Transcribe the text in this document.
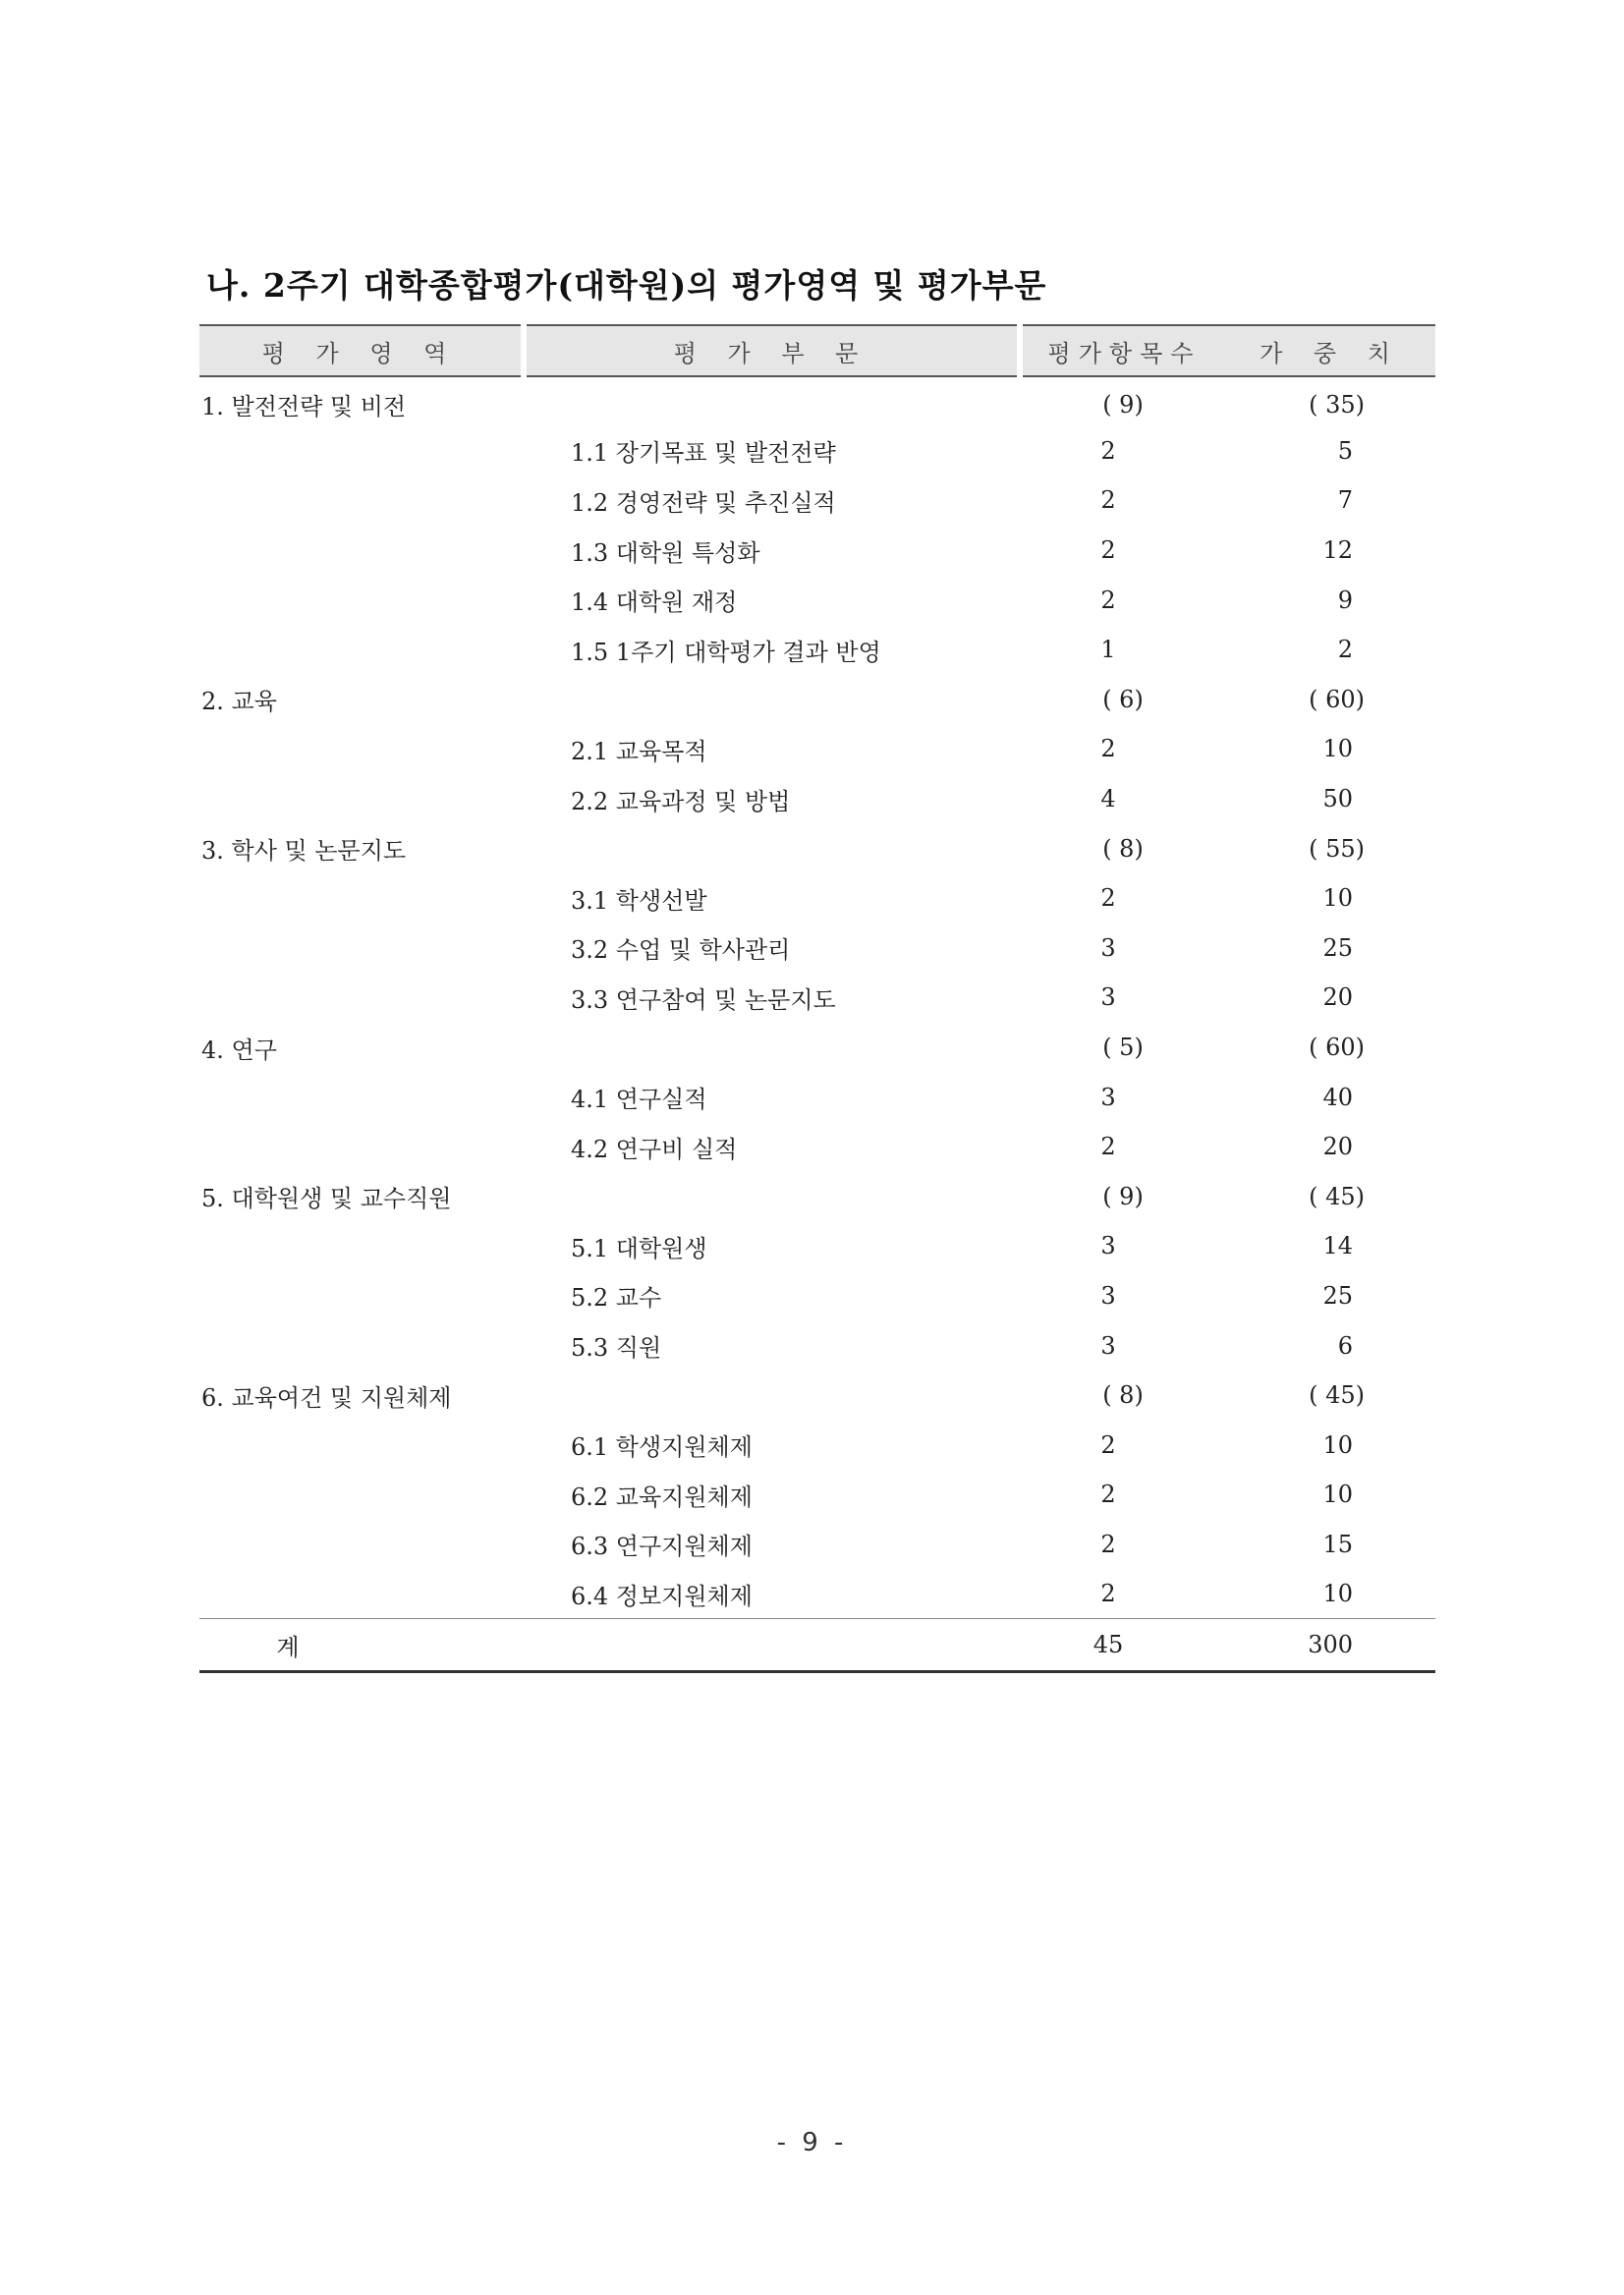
나. 2주기 대학종합평가(대학원)의 평가영역 및 평가부문
평 가 영 역	평 가 부 문	평가항목수	가 중 치
1. 발전전략 및 비전		( 9)	( 35)
	1.1 장기목표 및 발전전략	2	5
	1.2 경영전략 및 추진실적	2	7
	1.3 대학원 특성화	2	12
	1.4 대학원 재정	2	9
	1.5 1주기 대학평가 결과 반영	1	2
2. 교육		( 6)	( 60)
	2.1 교육목적	2	10
	2.2 교육과정 및 방법	4	50
3. 학사 및 논문지도		( 8)	( 55)
	3.1 학생선발	2	10
	3.2 수업 및 학사관리	3	25
	3.3 연구참여 및 논문지도	3	20
4. 연구		( 5)	( 60)
	4.1 연구실적	3	40
	4.2 연구비 실적	2	20
5. 대학원생 및 교수직원		( 9)	( 45)
	5.1 대학원생	3	14
	5.2 교수	3	25
	5.3 직원	3	6
6. 교육여건 및 지원체제		( 8)	( 45)
	6.1 학생지원체제	2	10
	6.2 교육지원체제	2	10
	6.3 연구지원체제	2	15
	6.4 정보지원체제	2	10
계		45	300
- 9 -
